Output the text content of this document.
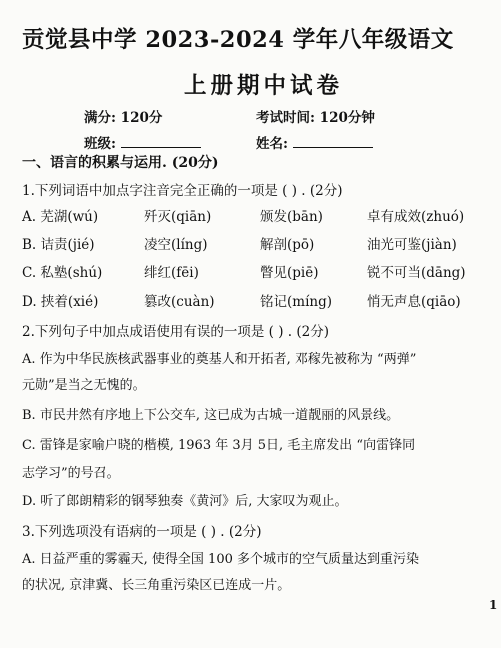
贡觉县中学 2023-2024 学年八年级语文
上册期中试卷
满分: 120分	考试时间: 120分钟
班级:	姓名:
一、语言的积累与运用. (20分)
1.下列词语中加点字注音完全正确的一项是 ( ) . (2分)
A. 芜湖(wú)	歼灭(qiān)	颁发(bān)	卓有成效(zhuó)
B. 诘责(jié)	凌空(líng)	解剖(pō)	油光可鉴(jiàn)
C. 私塾(shú)	绯红(fēi)	瞥见(piē)	锐不可当(dāng)
D. 挟着(xié)	篡改(cuàn)	铭记(míng)	悄无声息(qiāo)
2.下列句子中加点成语使用有误的一项是 ( ) . (2分)
A. 作为中华民族核武器事业的奠基人和开拓者, 邓稼先被称为 “两弹”
元勋”是当之无愧的。
B. 市民井然有序地上下公交车, 这已成为古城一道靓丽的风景线。
C. 雷锋是家喻户晓的楷模, 1963 年 3月 5日, 毛主席发出 “向雷锋同
志学习”的号召。
D. 听了郎朗精彩的钢琴独奏《黄河》后, 大家叹为观止。
3.下列选项没有语病的一项是 ( ) . (2分)
A. 日益严重的雾霾天, 使得全国 100 多个城市的空气质量达到重污染
的状况, 京津冀、长三角重污染区已连成一片。
1
